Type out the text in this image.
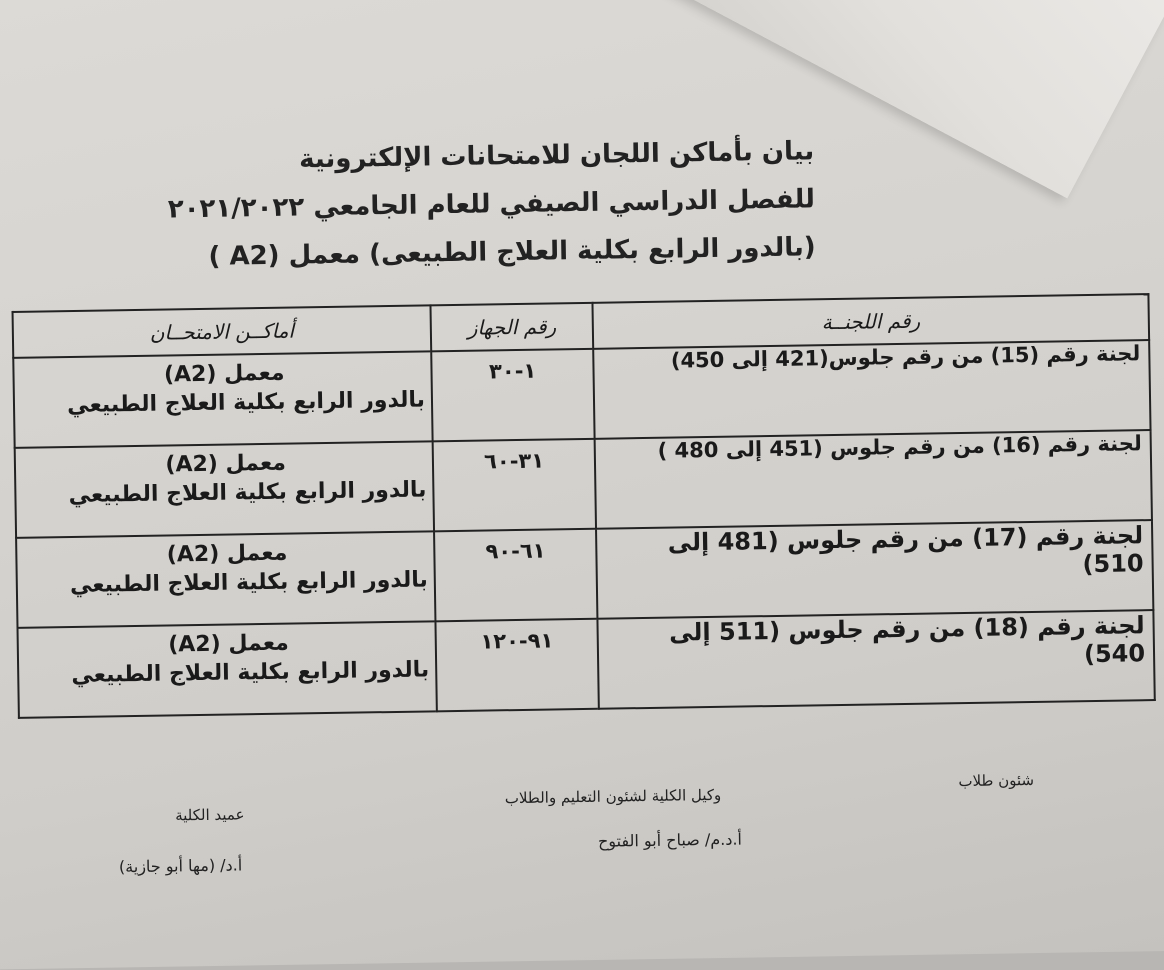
بيان بأماكن اللجان للامتحانات الإلكترونية
للفصل الدراسي الصيفي للعام الجامعي ٢٠٢١/٢٠٢٢
(بالدور الرابع بكلية العلاج الطبيعى) معمل (A2 )
رقم اللجنــة	رقم الجهاز	أماكــن الامتحــان
لجنة رقم (15) من رقم جلوس(421 إلى 450)	١-٣٠	معمل (A2)
بالدور الرابع بكلية العلاج الطبيعي

لجنة رقم (16) من رقم جلوس (451 إلى 480 )	٣١-٦٠	معمل (A2)
بالدور الرابع بكلية العلاج الطبيعي

لجنة رقم (17) من رقم جلوس (481 إلى 510)	٦١-٩٠	معمل (A2)
بالدور الرابع بكلية العلاج الطبيعي

لجنة رقم (18) من رقم جلوس (511 إلى 540)	٩١-١٢٠	معمل (A2)
بالدور الرابع بكلية العلاج الطبيعي
شئون طلاب
وكيل الكلية لشئون التعليم والطلاب
عميد الكلية
أ.د.م/ صباح أبو الفتوح
أ.د/ (مها أبو جازية)
